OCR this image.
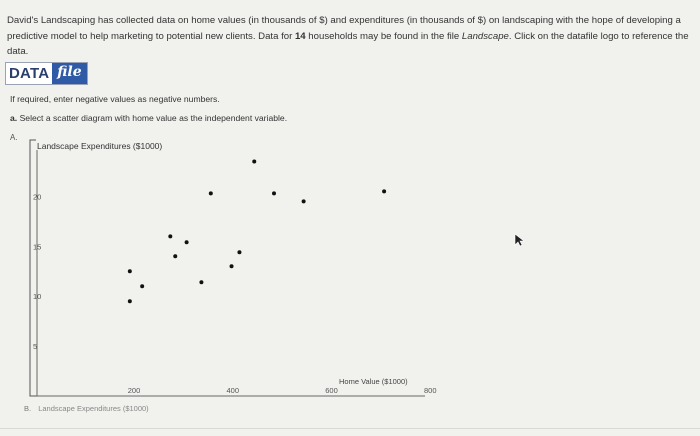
David's Landscaping has collected data on home values (in thousands of $) and expenditures (in thousands of $) on landscaping with the hope of developing a predictive model to help marketing to potential new clients. Data for 14 households may be found in the file Landscape. Click on the datafile logo to reference the data.
DATA file
If required, enter negative values as negative numbers.
a. Select a scatter diagram with home value as the independent variable.
A.
Landscape Expenditures ($1000)
Home Value ($1000)
200	400	600	800
5
10
15
20
B. Landscape Expenditures ($1000)
